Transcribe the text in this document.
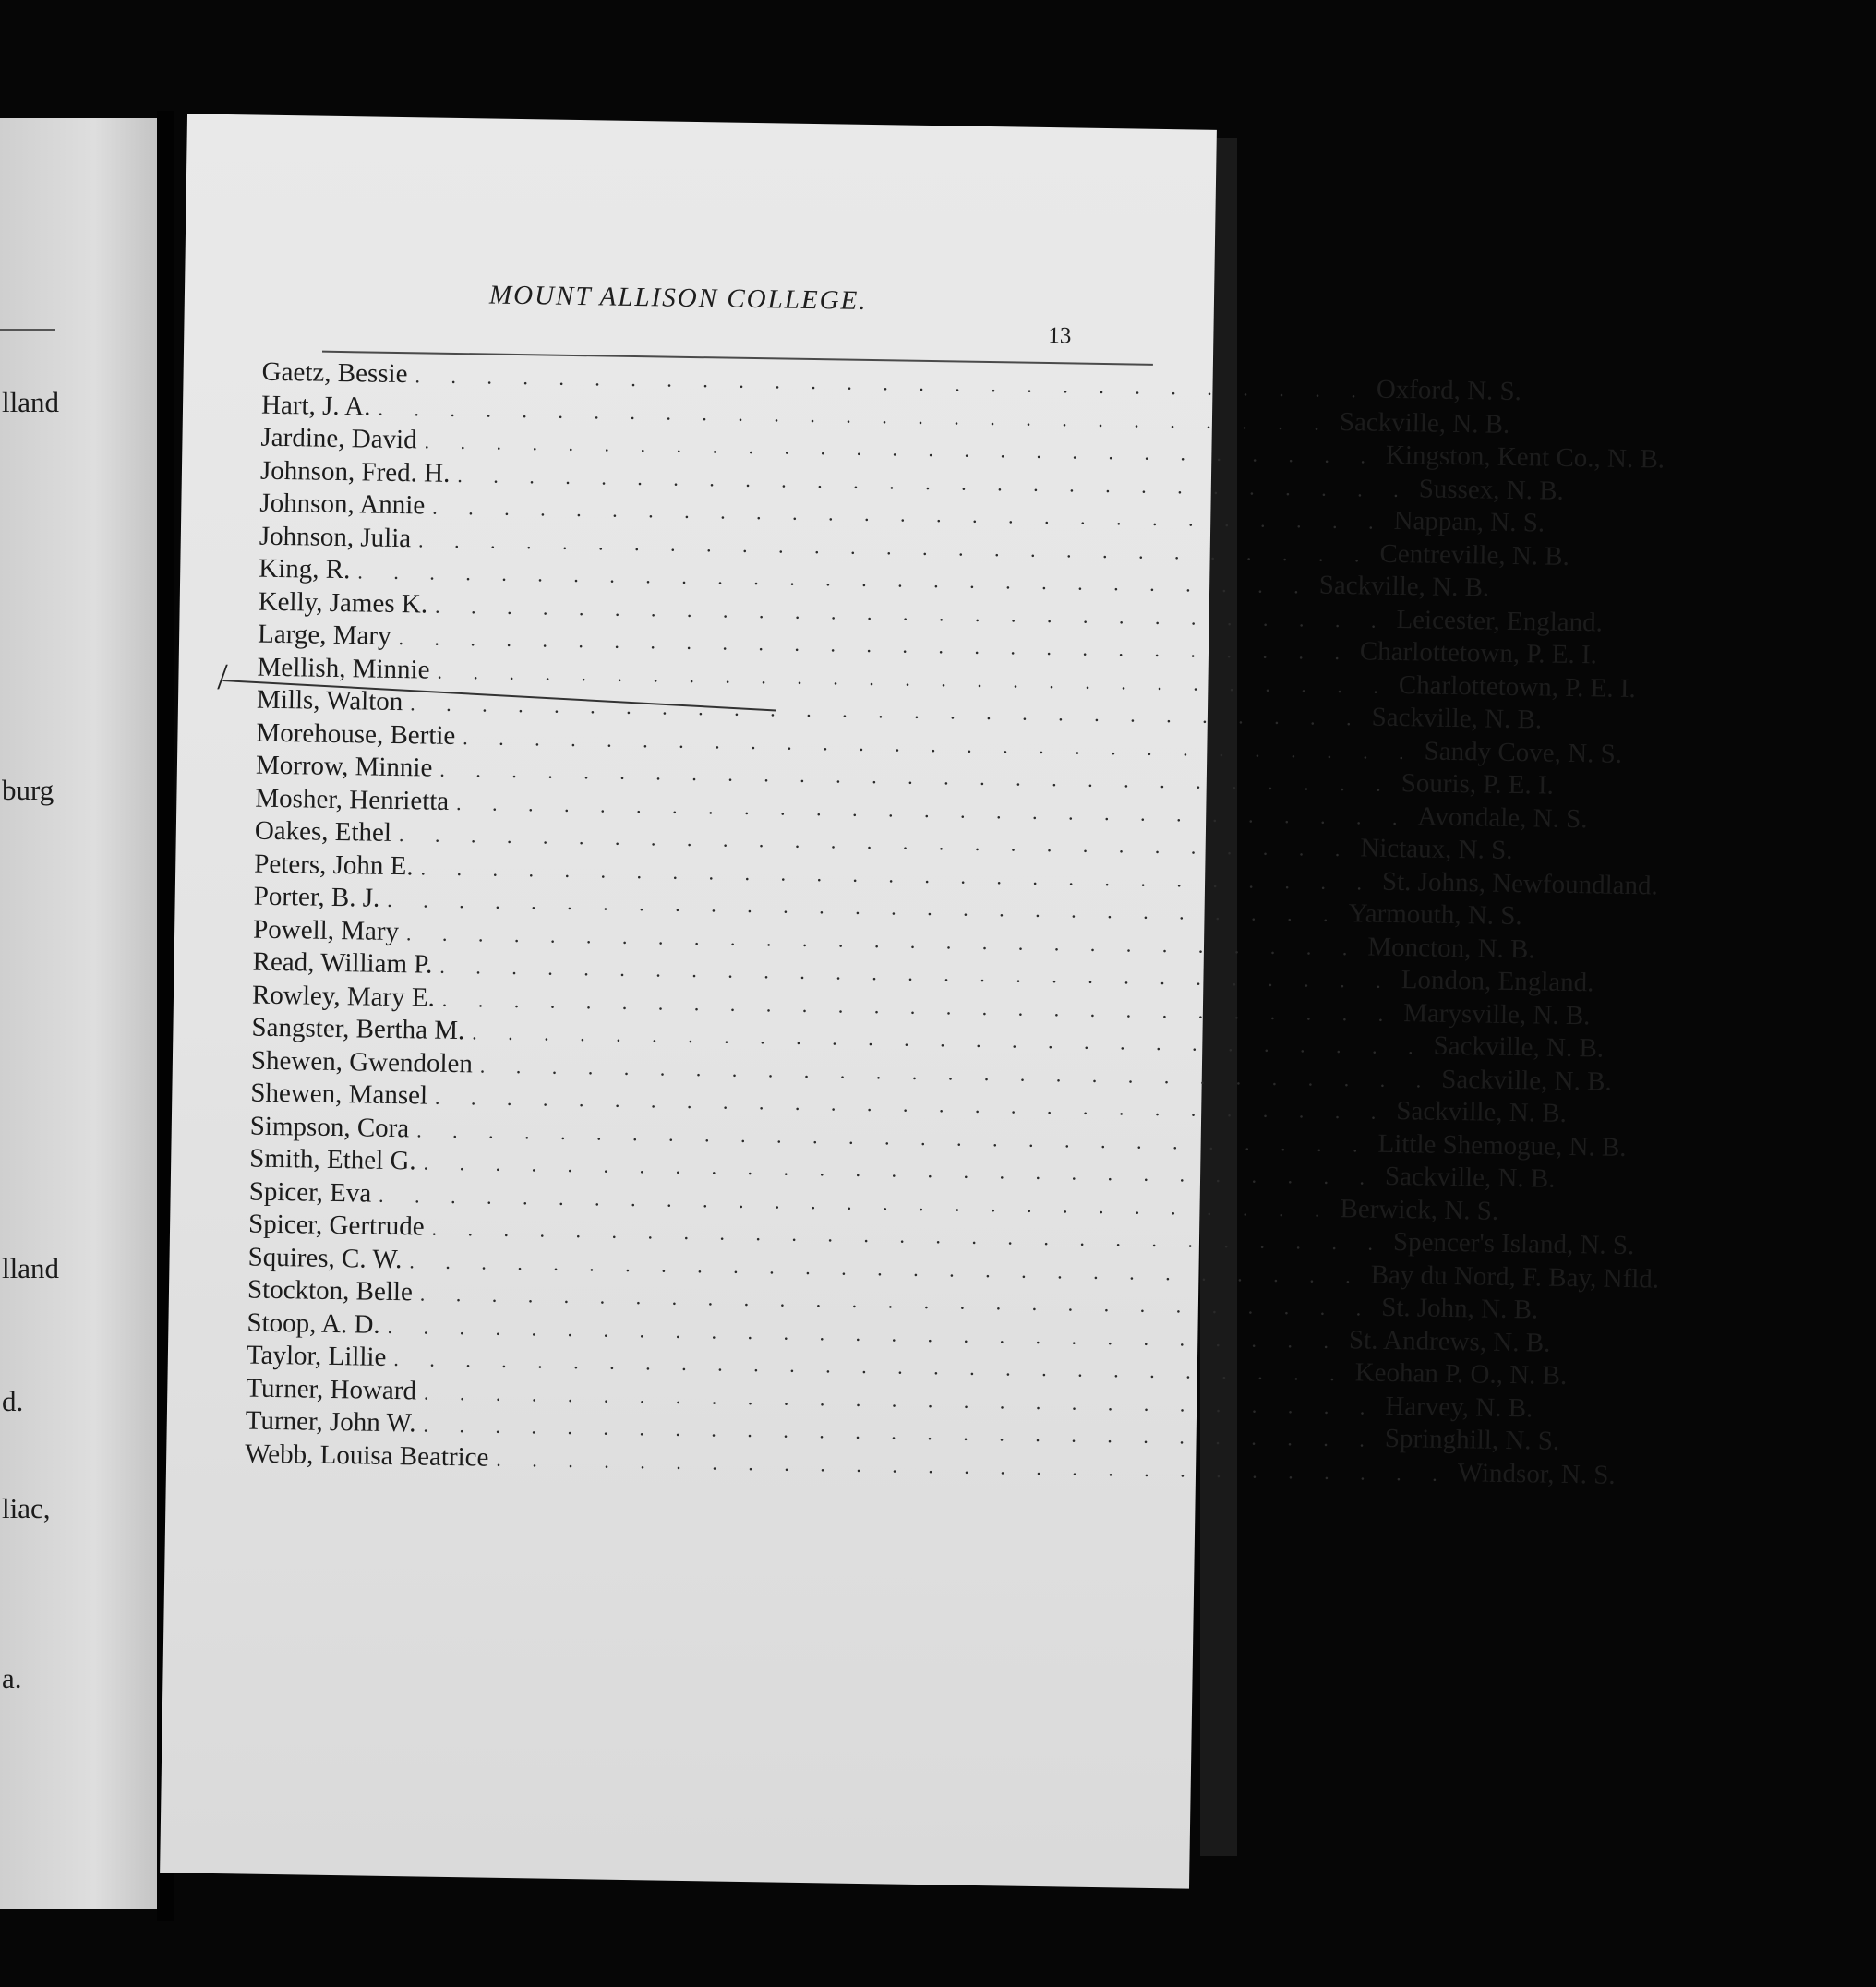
lland
burg
lland
d.
liac,
a.
MOUNT ALLISON COLLEGE.
13
/
Gaetz, Bessie . . . . . . . . . . . . . . . . . . . . . . . . . . . Oxford, N. S.
Hart, J. A. . . . . . . . . . . . . . . . . . . . . . . . . . . . Sackville, N. B.
Jardine, David . . . . . . . . . . . . . . . . . . . . . . . . . . . Kingston, Kent Co., N. B.
Johnson, Fred. H. . . . . . . . . . . . . . . . . . . . . . . . . . . . Sussex, N. B.
Johnson, Annie . . . . . . . . . . . . . . . . . . . . . . . . . . . Nappan, N. S.
Johnson, Julia . . . . . . . . . . . . . . . . . . . . . . . . . . . Centreville, N. B.
King, R. . . . . . . . . . . . . . . . . . . . . . . . . . . . Sackville, N. B.
Kelly, James K. . . . . . . . . . . . . . . . . . . . . . . . . . . . Leicester, England.
Large, Mary . . . . . . . . . . . . . . . . . . . . . . . . . . . Charlottetown, P. E. I.
Mellish, Minnie . . . . . . . . . . . . . . . . . . . . . . . . . . . Charlottetown, P. E. I.
Mills, Walton . . . . . . . . . . . . . . . . . . . . . . . . . . . Sackville, N. B.
Morehouse, Bertie . . . . . . . . . . . . . . . . . . . . . . . . . . . Sandy Cove, N. S.
Morrow, Minnie . . . . . . . . . . . . . . . . . . . . . . . . . . . Souris, P. E. I.
Mosher, Henrietta . . . . . . . . . . . . . . . . . . . . . . . . . . . Avondale, N. S.
Oakes, Ethel . . . . . . . . . . . . . . . . . . . . . . . . . . . Nictaux, N. S.
Peters, John E. . . . . . . . . . . . . . . . . . . . . . . . . . . . St. Johns, Newfoundland.
Porter, B. J. . . . . . . . . . . . . . . . . . . . . . . . . . . . Yarmouth, N. S.
Powell, Mary . . . . . . . . . . . . . . . . . . . . . . . . . . . Moncton, N. B.
Read, William P. . . . . . . . . . . . . . . . . . . . . . . . . . . . London, England.
Rowley, Mary E. . . . . . . . . . . . . . . . . . . . . . . . . . . . Marysville, N. B.
Sangster, Bertha M. . . . . . . . . . . . . . . . . . . . . . . . . . . . Sackville, N. B.
Shewen, Gwendolen . . . . . . . . . . . . . . . . . . . . . . . . . . . Sackville, N. B.
Shewen, Mansel . . . . . . . . . . . . . . . . . . . . . . . . . . . Sackville, N. B.
Simpson, Cora . . . . . . . . . . . . . . . . . . . . . . . . . . . Little Shemogue, N. B.
Smith, Ethel G. . . . . . . . . . . . . . . . . . . . . . . . . . . . Sackville, N. B.
Spicer, Eva . . . . . . . . . . . . . . . . . . . . . . . . . . . Berwick, N. S.
Spicer, Gertrude . . . . . . . . . . . . . . . . . . . . . . . . . . . Spencer's Island, N. S.
Squires, C. W. . . . . . . . . . . . . . . . . . . . . . . . . . . . Bay du Nord, F. Bay, Nfld.
Stockton, Belle . . . . . . . . . . . . . . . . . . . . . . . . . . . St. John, N. B.
Stoop, A. D. . . . . . . . . . . . . . . . . . . . . . . . . . . . St. Andrews, N. B.
Taylor, Lillie . . . . . . . . . . . . . . . . . . . . . . . . . . . Keohan P. O., N. B.
Turner, Howard . . . . . . . . . . . . . . . . . . . . . . . . . . . Harvey, N. B.
Turner, John W. . . . . . . . . . . . . . . . . . . . . . . . . . . . Springhill, N. S.
Webb, Louisa Beatrice . . . . . . . . . . . . . . . . . . . . . . . . . . . Windsor, N. S.
